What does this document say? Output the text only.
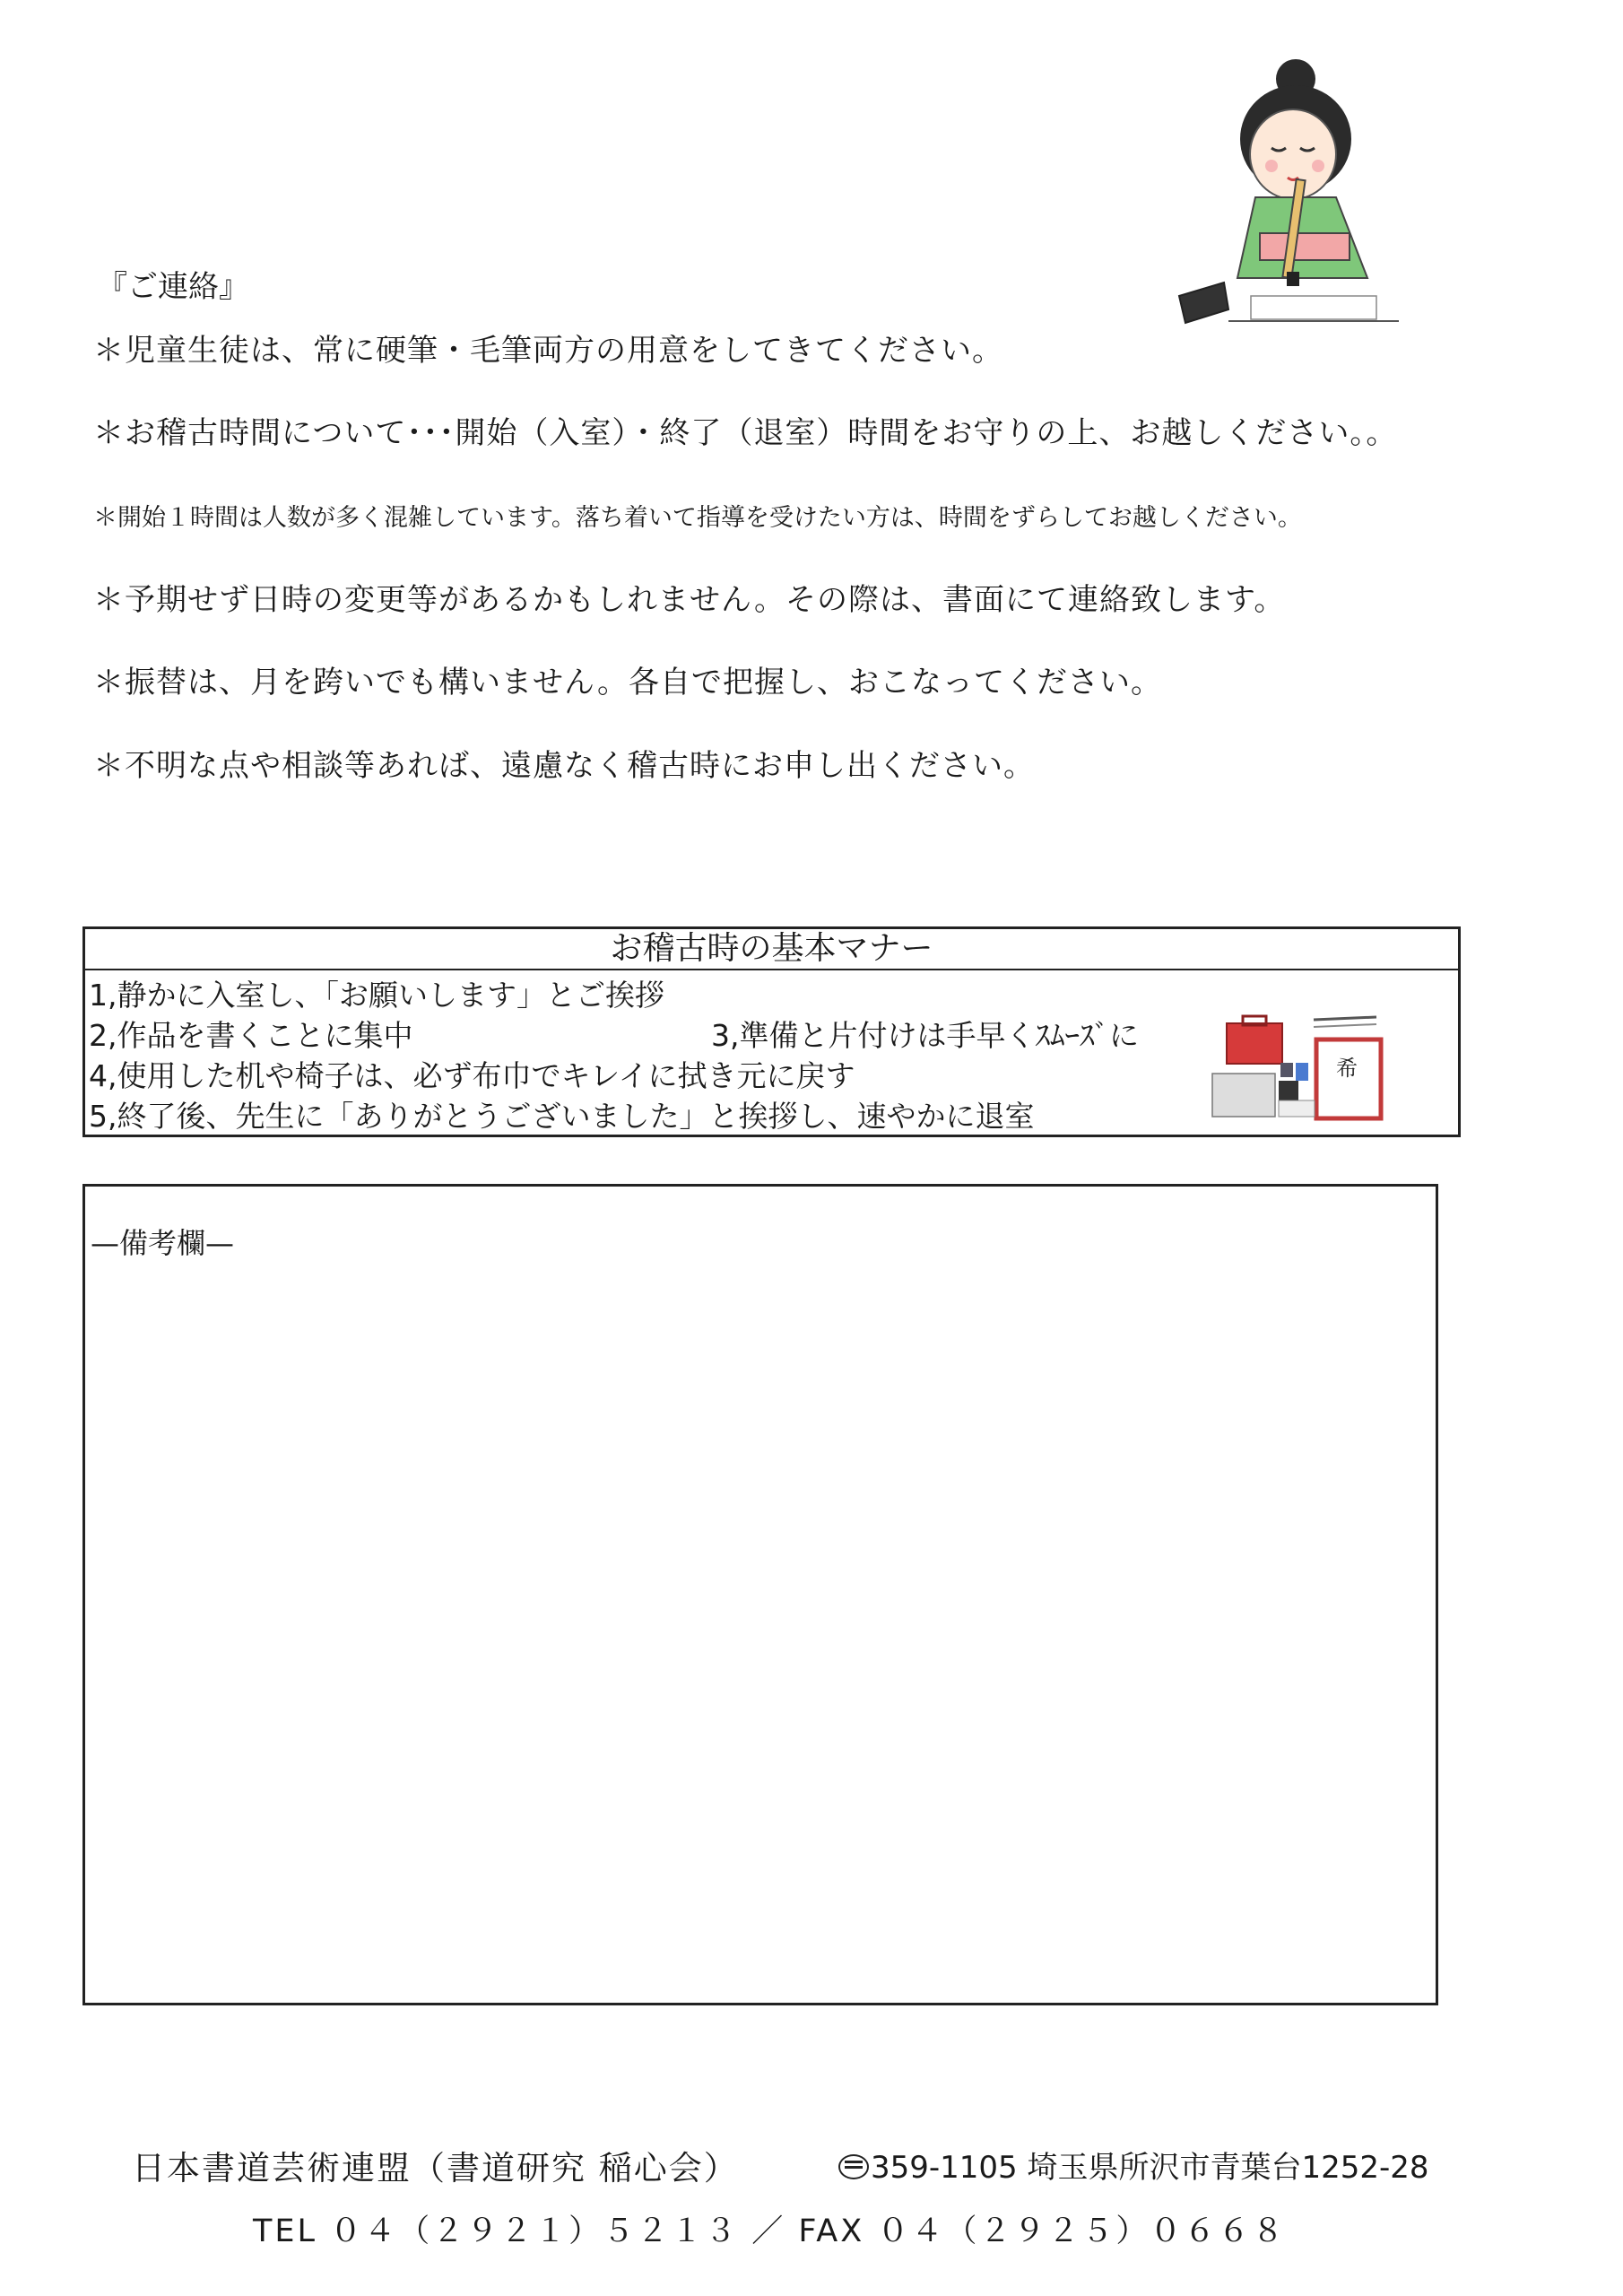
『ご連絡』
＊児童生徒は、常に硬筆・毛筆両方の用意をしてきてください。
＊お稽古時間について･･･開始（入室）・終了（退室）時間をお守りの上、お越しください。。
＊開始１時間は人数が多く混雑しています。落ち着いて指導を受けたい方は、時間をずらしてお越しください。
＊予期せず日時の変更等があるかもしれません。その際は、書面にて連絡致します。
＊振替は、月を跨いでも構いません。各自で把握し、おこなってください。
＊不明な点や相談等あれば、遠慮なく稽古時にお申し出ください。
お稽古時の基本マナー
1,静かに入室し、「お願いします」とご挨拶
2,作品を書くことに集中	3,準備と片付けは手早くｽﾑｰｽﾞに
4,使用した机や椅子は、必ず布巾でキレイに拭き元に戻す
5,終了後、先生に「ありがとうございました」と挨拶し、速やかに退室
希
—備考欄—
日本書道芸術連盟（書道研究 稲心会）	359-1105 埼玉県所沢市青葉台1252-28
TEL ０４（２９２１）５２１３ ／ FAX ０４（２９２５）０６６８
